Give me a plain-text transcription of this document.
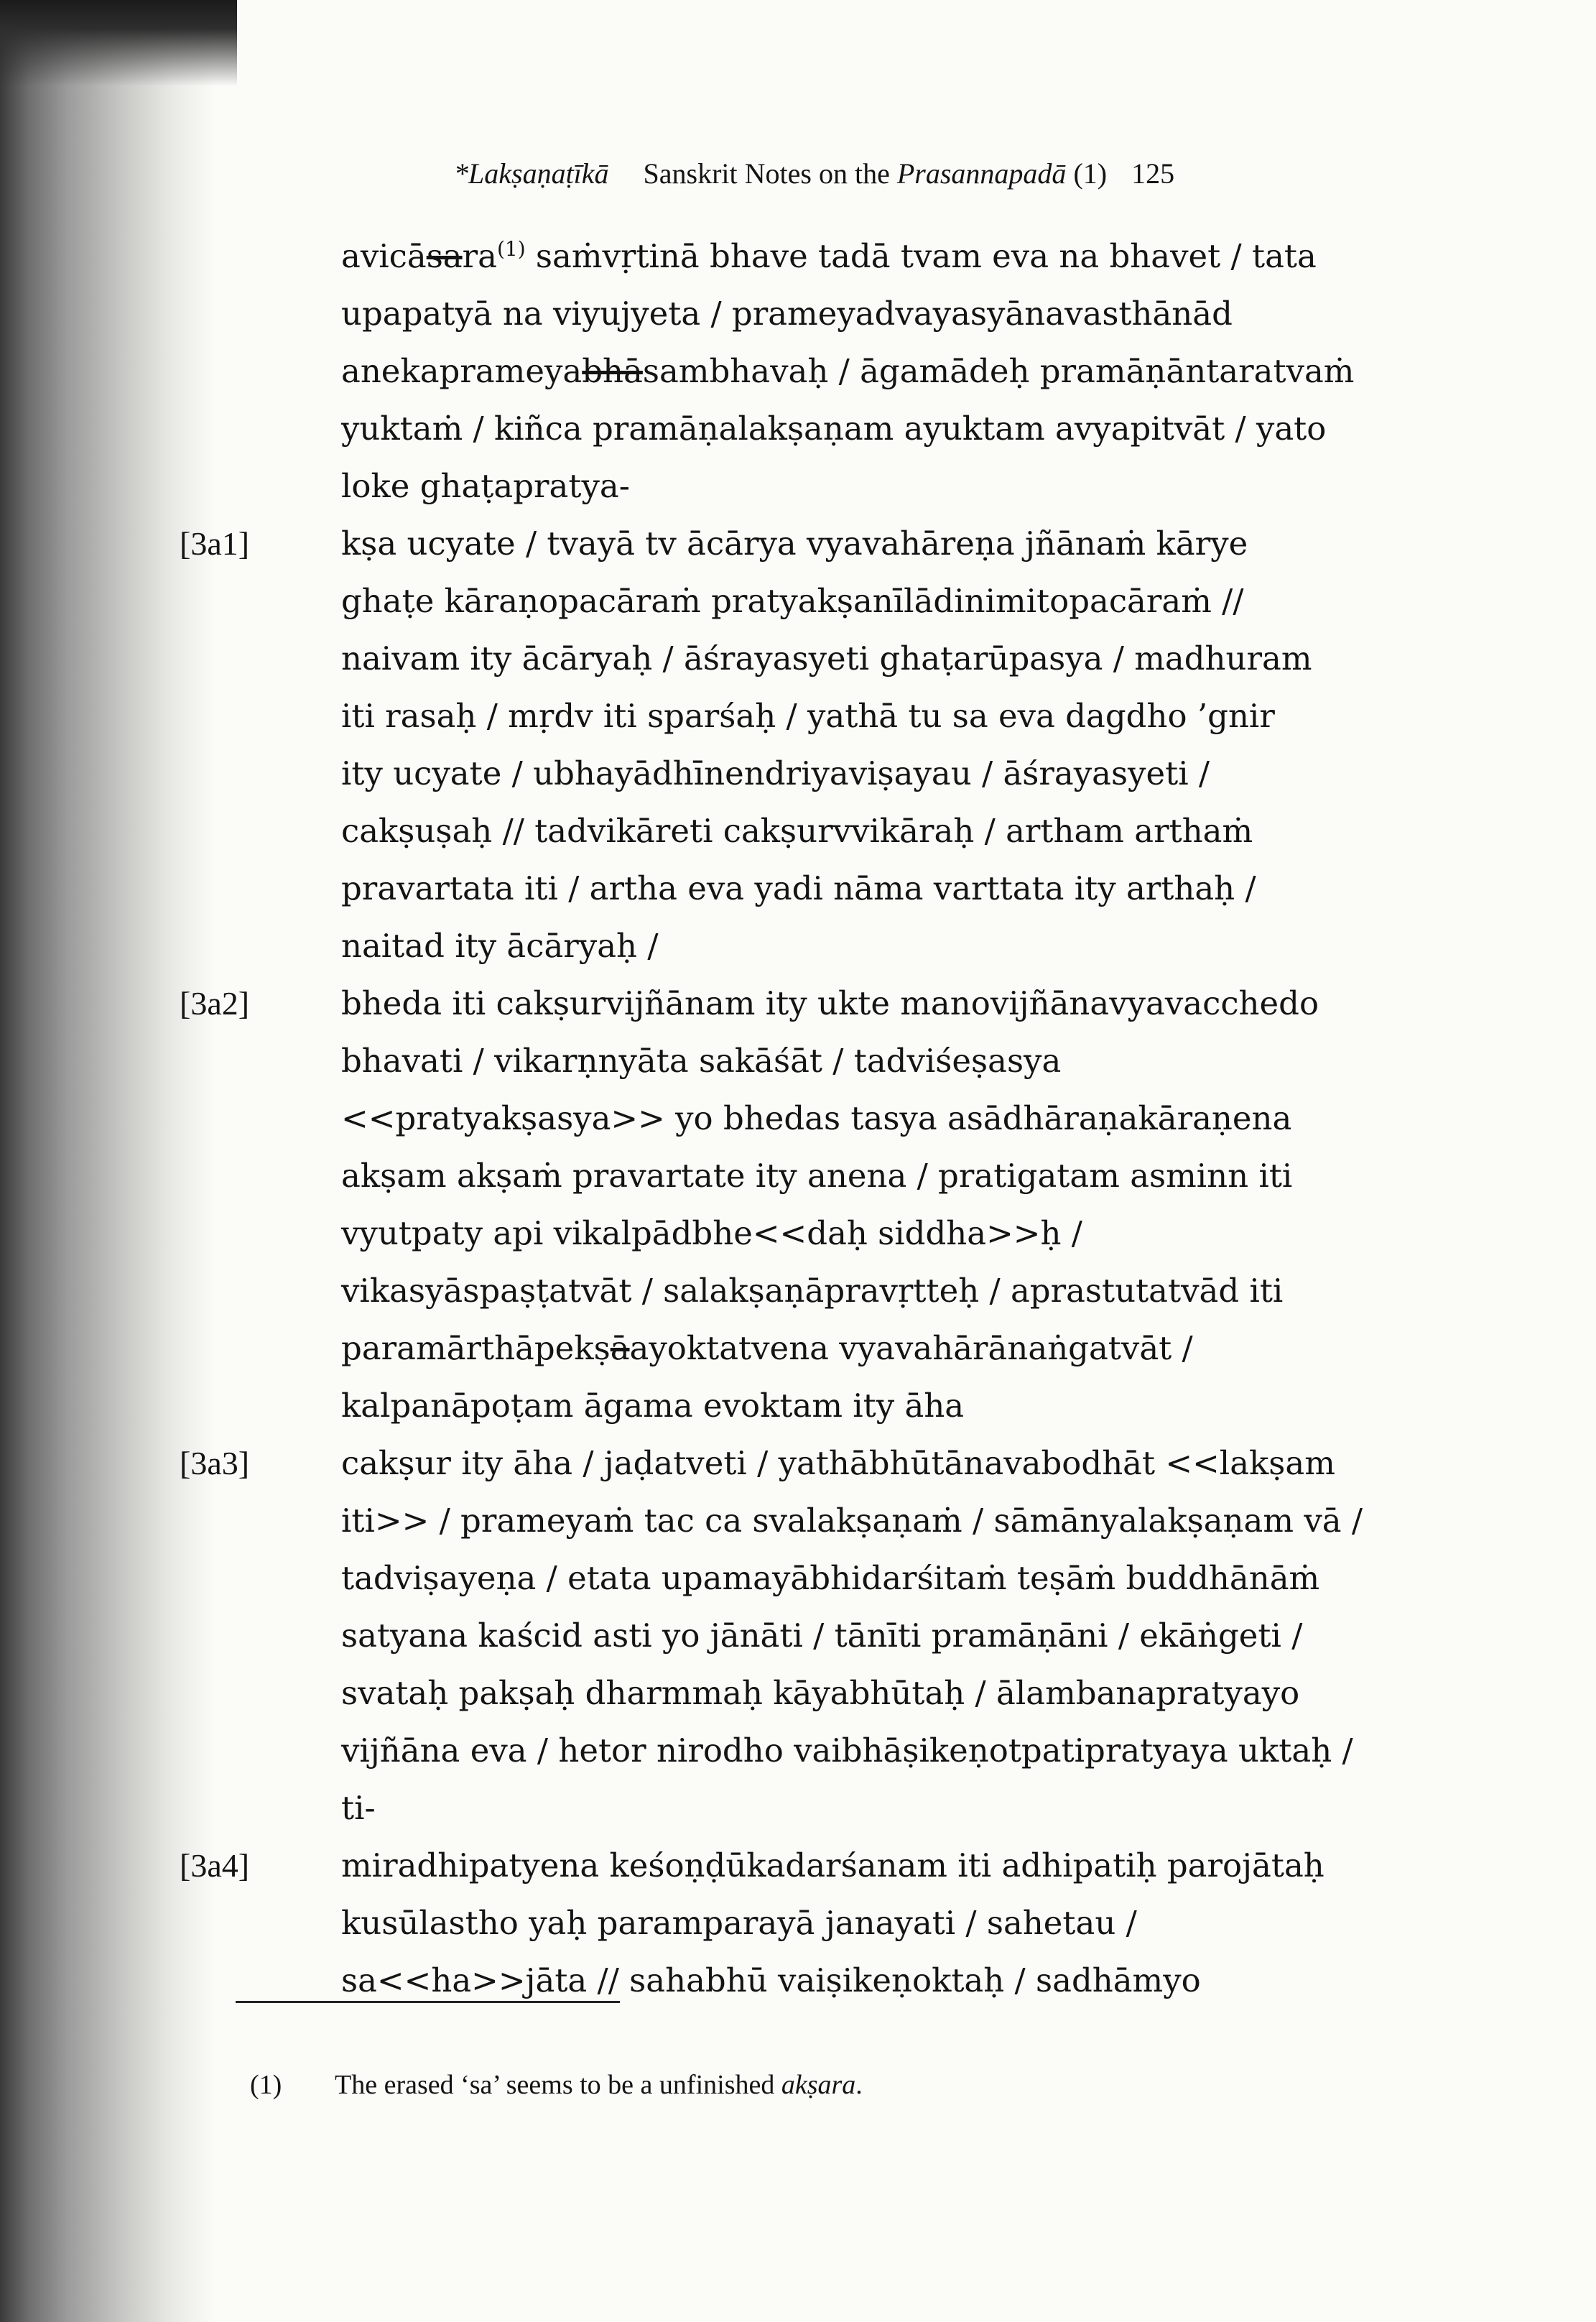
*Lakṣaṇaṭīkā Sanskrit Notes on the Prasannapadā (1) 125
avicāsara$^{(1)}$ saṁvṛtinā bhave tadā tvam eva na bhavet / tata
upapatyā na viyujyeta / prameyadvayasyānavasthānād
anekaprameyabhāsambhavaḥ / āgamādeḥ pramāṇāntaratvaṁ
yuktaṁ / kiñca pramāṇalakṣaṇam ayuktam avyapitvāt / yato
loke ghaṭapratya-
[3a1]	kṣa ucyate / tvayā tv ācārya vyavahāreṇa jñānaṁ kārye
ghaṭe kāraṇopacāraṁ pratyakṣanīlādinimitopacāraṁ //
naivam ity ācāryaḥ / āśrayasyeti ghaṭarūpasya / madhuram
iti rasaḥ / mṛdv iti sparśaḥ / yathā tu sa eva dagdho ’gnir
ity ucyate / ubhayādhīnendriyaviṣayau / āśrayasyeti /
cakṣuṣaḥ // tadvikāreti cakṣurvvikāraḥ / artham arthaṁ
pravartata iti / artha eva yadi nāma varttata ity arthaḥ /
naitad ity ācāryaḥ /
[3a2]	bheda iti cakṣurvijñānam ity ukte manovijñānavyavacchedo
bhavati / vikarṇnyāta sakāśāt / tadviśeṣasya
<<pratyakṣasya>> yo bhedas tasya asādhāraṇakāraṇena
akṣam akṣaṁ pravartate ity anena / pratigatam asminn iti
vyutpaty api vikalpādbhe<<daḥ siddha>>ḥ /
vikasyāspaṣṭatvāt / salakṣaṇāpravṛtteḥ / aprastutatvād iti
paramārthāpekṣāayoktatvena vyavahārānaṅgatvāt /
kalpanāpoṭam āgama evoktam ity āha
[3a3]	cakṣur ity āha / jaḍatveti / yathābhūtānavabodhāt <<lakṣam
iti>> / prameyaṁ tac ca svalakṣaṇaṁ / sāmānyalakṣaṇam vā /
tadviṣayeṇa / etata upamayābhidarśitaṁ teṣāṁ buddhānāṁ
satyana kaścid asti yo jānāti / tānīti pramāṇāni / ekāṅgeti /
svataḥ pakṣaḥ dharmmaḥ kāyabhūtaḥ / ālambanapratyayo
vijñāna eva / hetor nirodho vaibhāṣikeṇotpatipratyaya uktaḥ /
ti-
[3a4]	miradhipatyena keśoṇḍūkadarśanam iti adhipatiḥ parojātaḥ
kusūlastho yaḥ paramparayā janayati / sahetau /
sa<<ha>>jāta // sahabhū vaiṣikeṇoktaḥ / sadhāmyo
(1) The erased ‘sa’ seems to be a unfinished akṣara.
